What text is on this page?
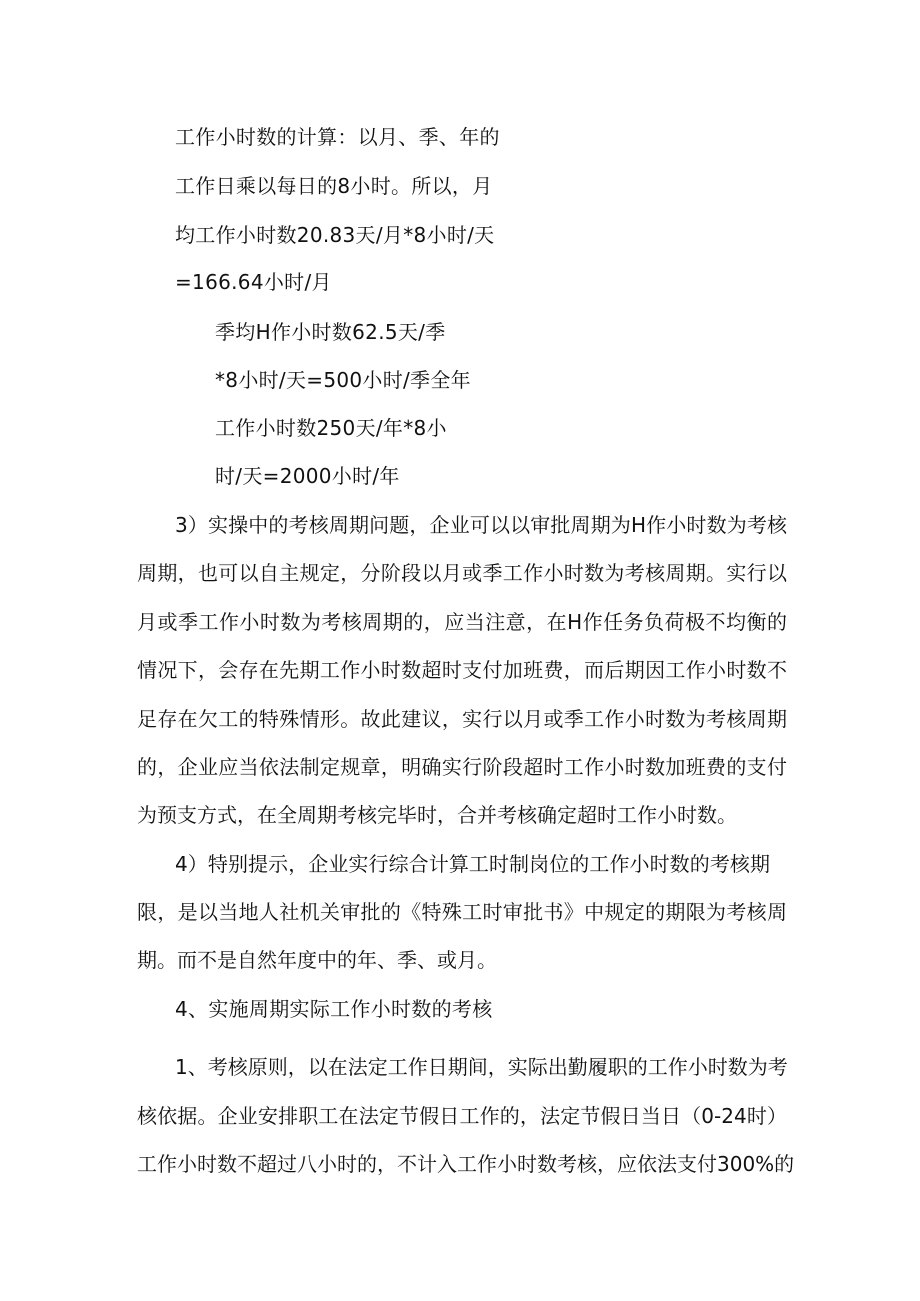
工作小时数的计算：以月、季、年的
工作日乘以每日的8小时。所以，月
均工作小时数20.83天/月*8小时/天
=166.64小时/月
季均H作小时数62.5天/季
*8小时/天=500小时/季全年
工作小时数250天/年*8小
时/天=2000小时/年
3）实操中的考核周期问题，企业可以以审批周期为H作小时数为考核
周期，也可以自主规定，分阶段以月或季工作小时数为考核周期。实行以
月或季工作小时数为考核周期的，应当注意，在H作任务负荷极不均衡的
情况下，会存在先期工作小时数超时支付加班费，而后期因工作小时数不
足存在欠工的特殊情形。故此建议，实行以月或季工作小时数为考核周期
的，企业应当依法制定规章，明确实行阶段超时工作小时数加班费的支付
为预支方式，在全周期考核完毕时，合并考核确定超时工作小时数。
4）特别提示，企业实行综合计算工时制岗位的工作小时数的考核期
限，是以当地人社机关审批的《特殊工时审批书》中规定的期限为考核周
期。而不是自然年度中的年、季、或月。
4、实施周期实际工作小时数的考核
1、考核原则，以在法定工作日期间，实际出勤履职的工作小时数为考
核依据。企业安排职工在法定节假日工作的，法定节假日当日（0-24时）
工作小时数不超过八小时的，不计入工作小时数考核，应依法支付300%的
